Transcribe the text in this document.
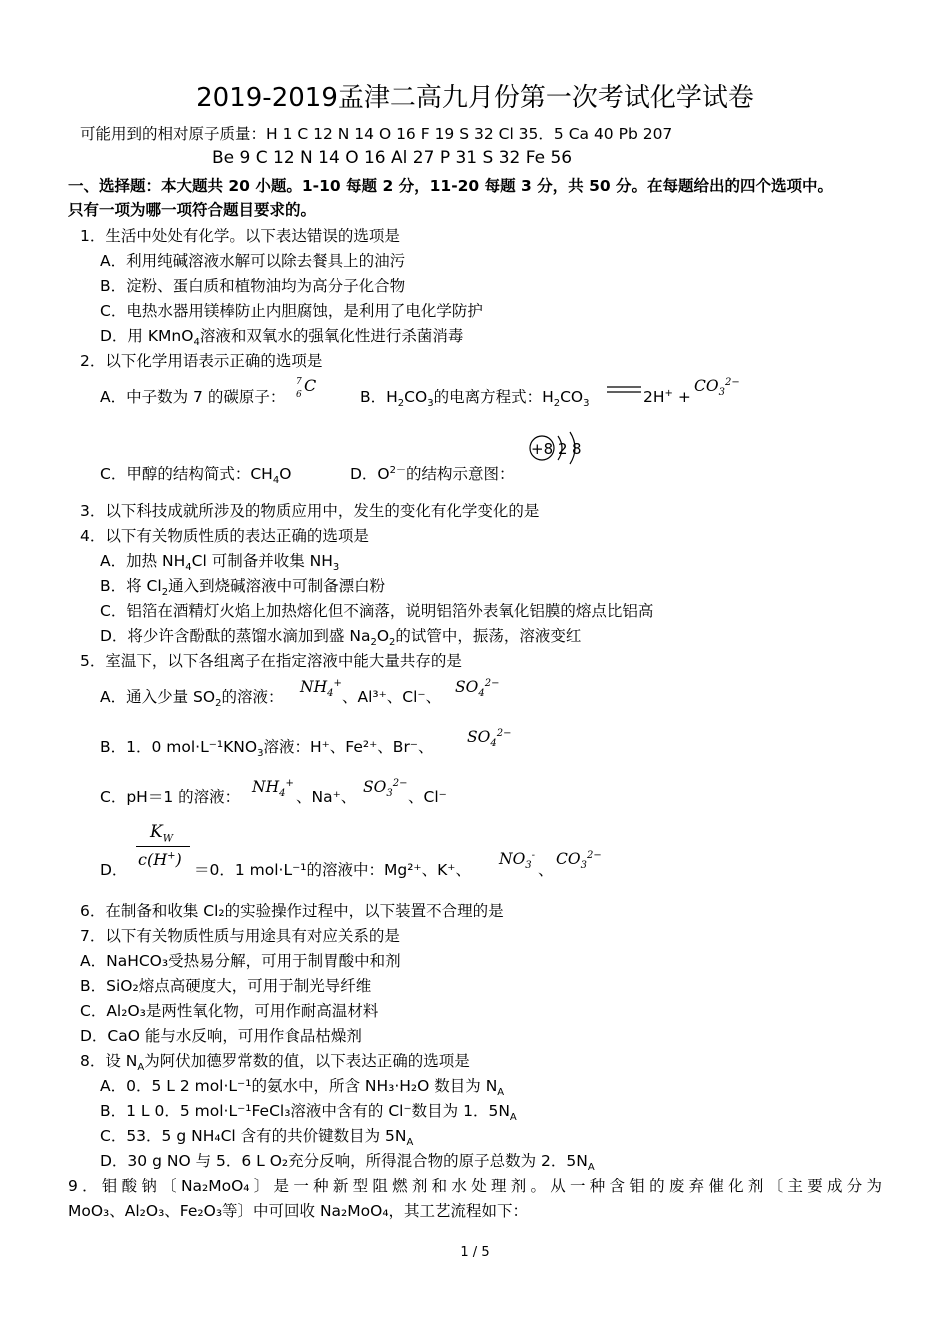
2019-2019孟津二高九月份第一次考试化学试卷
可能用到的相对原子质量：H 1 C 12 N 14 O 16 F 19 S 32 Cl 35．5 Ca 40 Pb 207
Be 9 C 12 N 14 O 16 Al 27 P 31 S 32 Fe 56
一、选择题：本大题共 20 小题。1-10 每题 2 分，11-20 每题 3 分，共 50 分。在每题给出的四个选项中。
只有一项为哪一项符合题目要求的。
1．生活中处处有化学。以下表达错误的选项是
A．利用纯碱溶液水解可以除去餐具上的油污
B．淀粉、蛋白质和植物油均为高分子化合物
C．电热水器用镁棒防止内胆腐蚀，是利用了电化学防护
D．用 KMnO$_4$溶液和双氧水的强氧化性进行杀菌消毒
2．以下化学用语表示正确的选项是
A．中子数为 7 的碳原子：
7
6 C
B．$H_2CO_3$的电离方程式：$H_2CO_3$	2H+ +
$CO_3^{2-}$
C．甲醇的结构简式：$CH_4O$	D．$O^{2-}$的结构示意图：
+8 2 8
3．以下科技成就所涉及的物质应用中，发生的变化有化学变化的是
4．以下有关物质性质的表达正确的选项是
A．加热 $NH_4Cl$ 可制备并收集 $NH_3$
B．将 $Cl_2$通入到烧碱溶液中可制备漂白粉
C．铝箔在酒精灯火焰上加热熔化但不滴落，说明铝箔外表氧化铝膜的熔点比铝高
D．将少许含酚酞的蒸馏水滴加到盛 $Na_2O_2$的试管中，振荡，溶液变红
5．室温下，以下各组离子在指定溶液中能大量共存的是
A．通入少量 $SO_2$的溶液：
$NH_4^+$
、Al³⁺、Cl⁻、
$SO_4^{2-}$
B．1．0 $mol\cdot L^{-1}KNO_3$溶液：H⁺、Fe²⁺、Br⁻、
$SO_4^{2-}$
C．pH＝1 的溶液：
$NH_4^+$
、Na⁺、
$SO_3^{2-}$
、Cl⁻
D．
$K_W$
c(H+)
＝0．1 mol·L⁻¹的溶液中：Mg²⁺、K⁺、
$NO_3^-$
、
$CO_3^{2-}$
6．在制备和收集 Cl₂的实验操作过程中，以下装置不合理的是
7．以下有关物质性质与用途具有对应关系的是
A．NaHCO₃受热易分解，可用于制胃酸中和剂
B．SiO₂熔点高硬度大，可用于制光导纤维
C．Al₂O₃是两性氧化物，可用作耐高温材料
D．CaO 能与水反响，可用作食品枯燥剂
8．设 $N_A$为阿伏加德罗常数的值，以下表达正确的选项是
A．0．5 L 2 mol·L⁻¹的氨水中，所含 NH₃·H₂O 数目为 $N_A$
B．1 L 0．5 mol·L⁻¹FeCl₃溶液中含有的 Cl⁻数目为 1．$5N_A$
C．53．5 g NH₄Cl 含有的共价键数目为 $5N_A$
D．30 g NO 与 5．6 L O₂充分反响，所得混合物的原子总数为 2．$5N_A$
9．钼酸钠〔Na₂MoO₄〕是一种新型阻燃剂和水处理剂。从一种含钼的废弃催化剂〔主要成分为
MoO₃、Al₂O₃、Fe₂O₃等〕中可回收 Na₂MoO₄，其工艺流程如下：
1 / 5
